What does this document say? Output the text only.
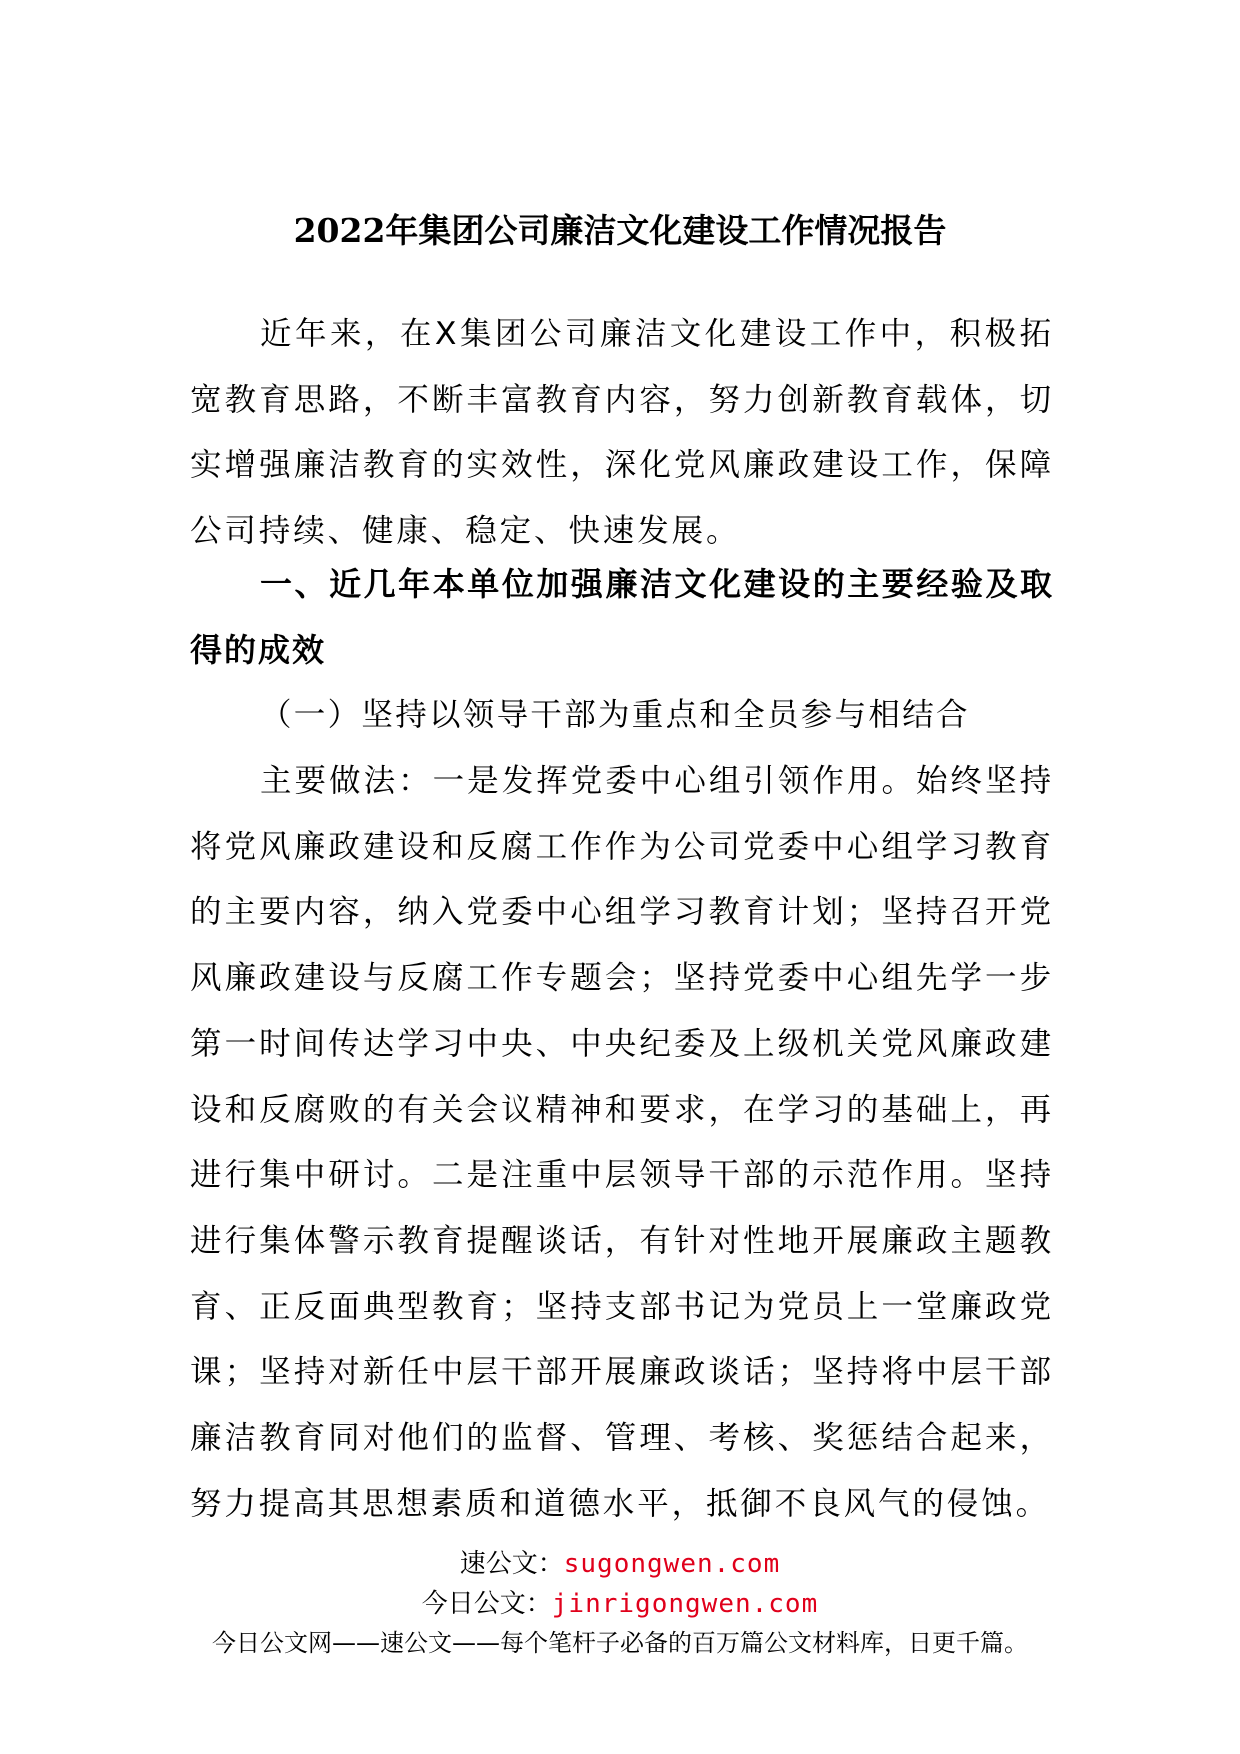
2022年集团公司廉洁文化建设工作情况报告

近年来，在X集团公司廉洁文化建设工作中，积极拓宽教育思路，不断丰富教育内容，努力创新教育载体，切实增强廉洁教育的实效性，深化党风廉政建设工作，保障公司持续、健康、稳定、快速发展。

一、近几年本单位加强廉洁文化建设的主要经验及取得的成效

（一）坚持以领导干部为重点和全员参与相结合

主要做法：一是发挥党委中心组引领作用。始终坚持将党风廉政建设和反腐工作作为公司党委中心组学习教育的主要内容，纳入党委中心组学习教育计划；坚持召开党风廉政建设与反腐工作专题会；坚持党委中心组先学一步第一时间传达学习中央、中央纪委及上级机关党风廉政建设和反腐败的有关会议精神和要求，在学习的基础上，再进行集中研讨。二是注重中层领导干部的示范作用。坚持进行集体警示教育提醒谈话，有针对性地开展廉政主题教育、正反面典型教育；坚持支部书记为党员上一堂廉政党课；坚持对新任中层干部开展廉政谈话；坚持将中层干部廉洁教育同对他们的监督、管理、考核、奖惩结合起来，努力提高其思想素质和道德水平，抵御不良风气的侵蚀。

速公文：sugongwen.com
今日公文：jinrigongwen.com
今日公文网——速公文——每个笔杆子必备的百万篇公文材料库，日更千篇。
